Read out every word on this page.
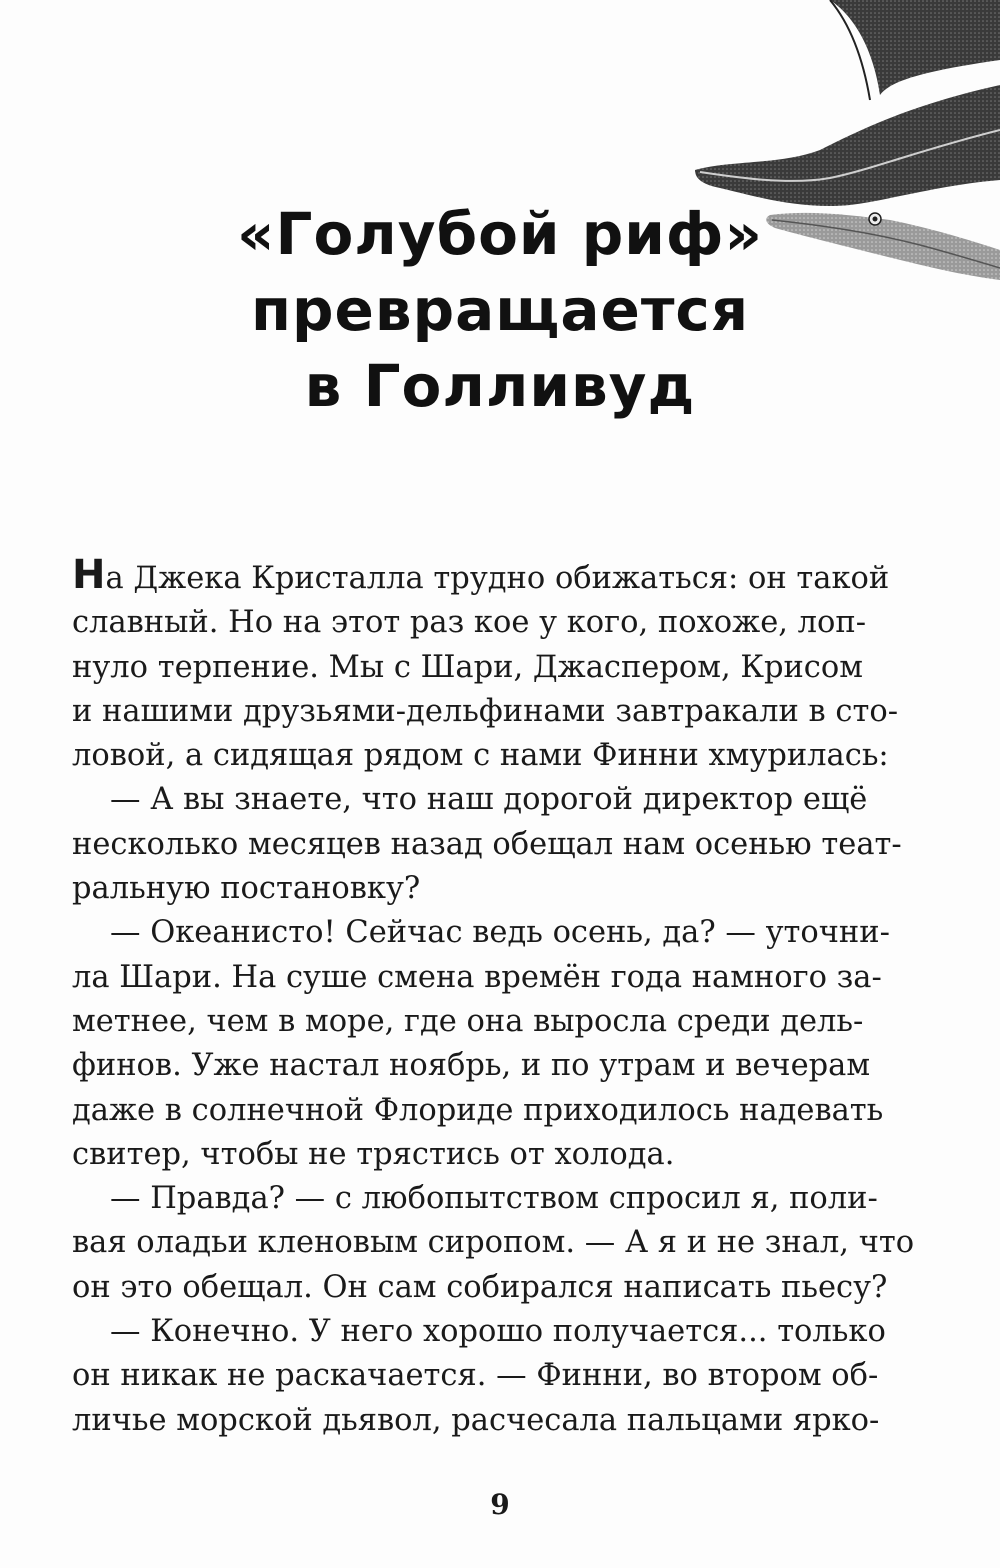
«Голубой риф»
превращается
в Голливуд
На Джека Кристалла трудно обижаться: он такой
славный. Но на этот раз кое у кого, похоже, лоп-
нуло терпение. Мы с Шари, Джаспером, Крисом
и нашими друзьями-дельфинами завтракали в сто-
ловой, а сидящая рядом с нами Финни хмурилась:
— А вы знаете, что наш дорогой директор ещё
несколько месяцев назад обещал нам осенью теат-
ральную постановку?
— Океанисто! Сейчас ведь осень, да? — уточни-
ла Шари. На суше смена времён года намного за-
метнее, чем в море, где она выросла среди дель-
финов. Уже настал ноябрь, и по утрам и вечерам
даже в солнечной Флориде приходилось надевать
свитер, чтобы не трястись от холода.
— Правда? — с любопытством спросил я, поли-
вая оладьи кленовым сиропом. — А я и не знал, что
он это обещал. Он сам собирался написать пьесу?
— Конечно. У него хорошо получается... только
он никак не раскачается. — Финни, во втором об-
личье морской дьявол, расчесала пальцами ярко-
9
